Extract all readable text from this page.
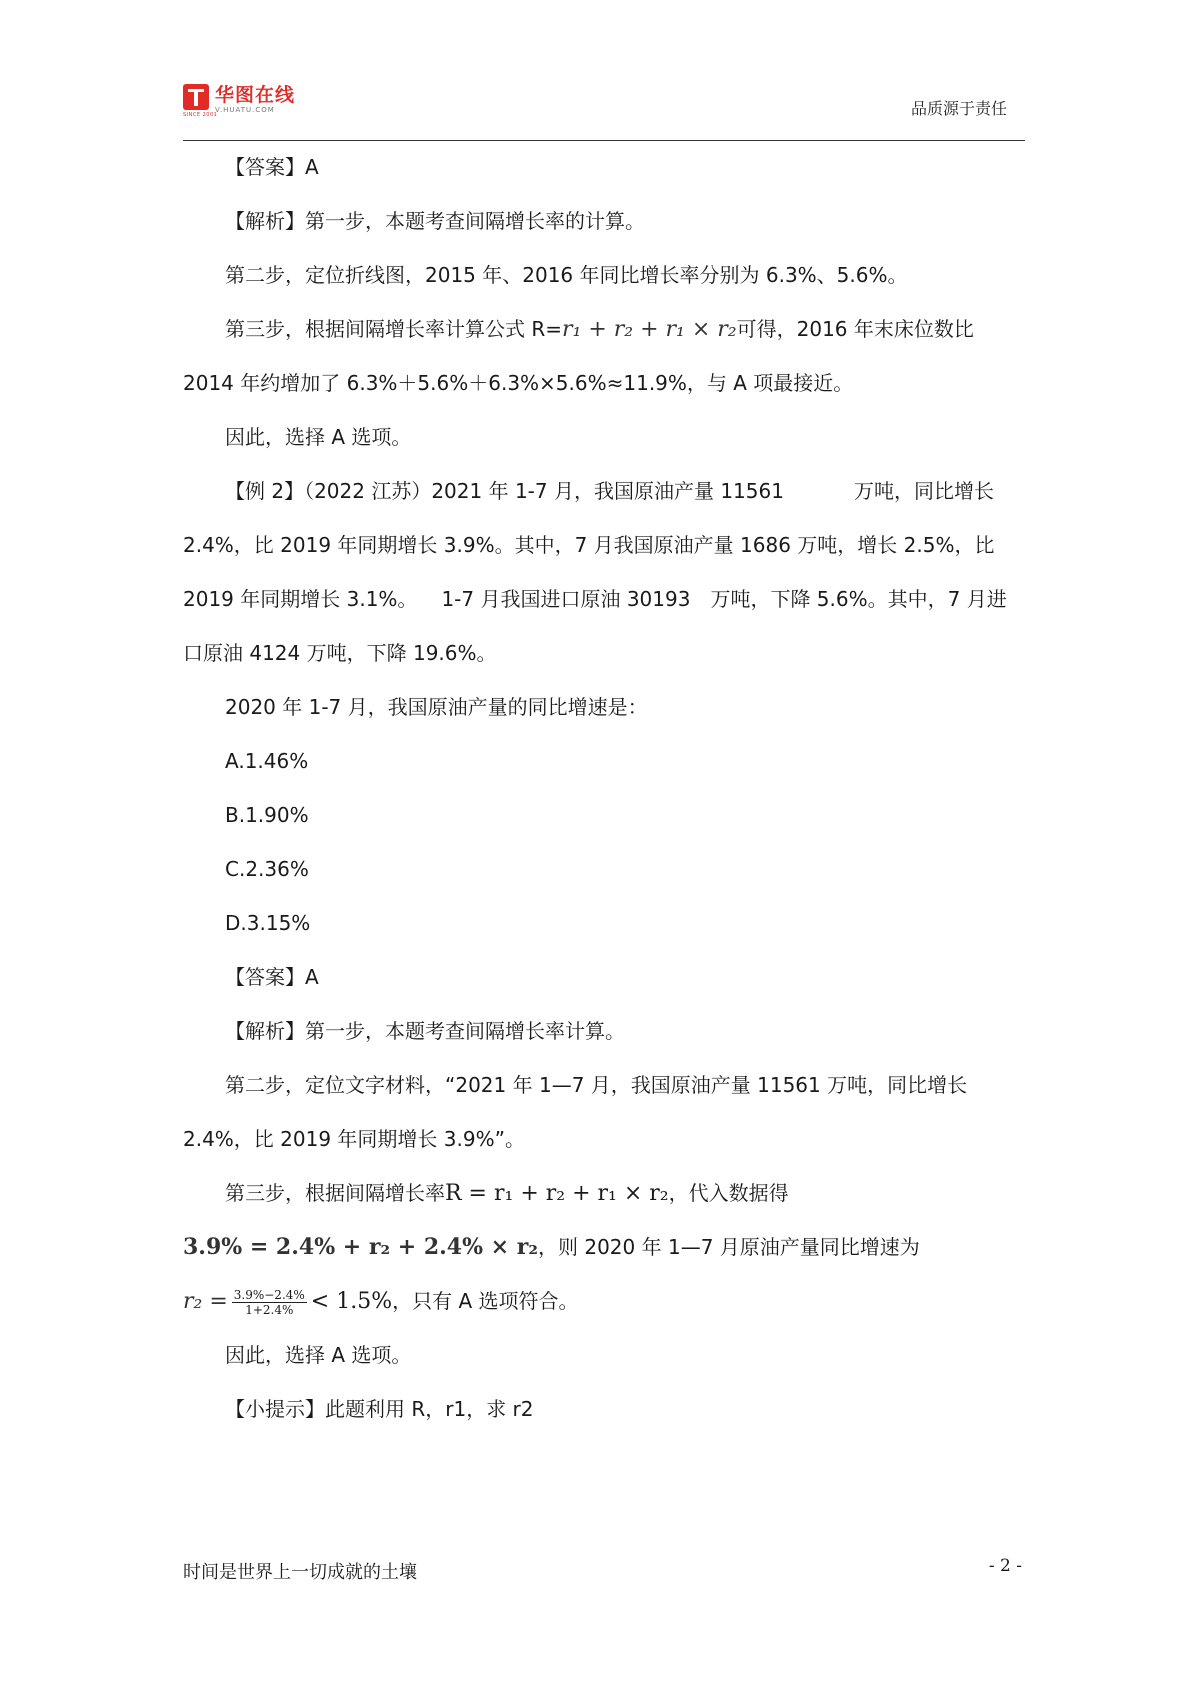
SINCE 2001
华图在线
V.HUATU.COM	品质源于责任
【答案】A
【解析】第一步，本题考查间隔增长率的计算。
第二步，定位折线图，2015 年、2016 年同比增长率分别为 6.3%、5.6%。
第三步，根据间隔增长率计算公式 R=r₁ + r₂ + r₁ × r₂可得，2016 年末床位数比
2014 年约增加了 6.3%＋5.6%＋6.3%×5.6%≈11.9%，与 A 项最接近。
因此，选择 A 选项。
【例 2】（2022 江苏）2021 年 1-7 月，我国原油产量 11561	万吨，同比增长
2.4%，比 2019 年同期增长 3.9%。其中，7 月我国原油产量 1686 万吨，增长 2.5%，比
2019 年同期增长 3.1%。 1-7 月我国进口原油 30193 万吨，下降 5.6%。其中，7 月进
口原油 4124 万吨，下降 19.6%。
2020 年 1-7 月，我国原油产量的同比增速是：
A.1.46%
B.1.90%
C.2.36%
D.3.15%
【答案】A
【解析】第一步，本题考查间隔增长率计算。
第二步，定位文字材料，“2021 年 1—7 月，我国原油产量 11561 万吨，同比增长
2.4%，比 2019 年同期增长 3.9%”。
第三步，根据间隔增长率R = r₁ + r₂ + r₁ × r₂，代入数据得
3.9% = 2.4% + r₂ + 2.4% × r₂，则 2020 年 1—7 月原油产量同比增速为
$r_2 = \frac{3.9\%-2.4\%}{1+2.4\%} < 1.5\%$，只有 A 选项符合。
因此，选择 A 选项。
【小提示】此题利用 R，r1，求 r2
时间是世界上一切成就的土壤	- 2 -
